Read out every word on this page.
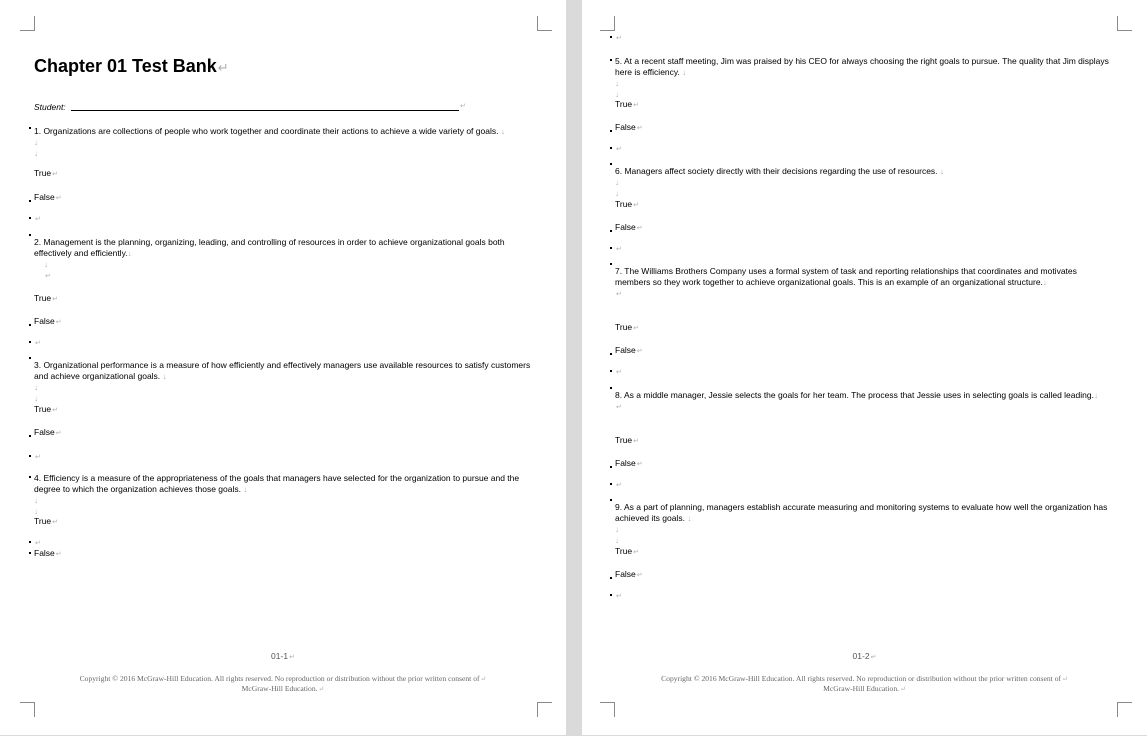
Chapter 01 Test Bank↵
Student:	↵
1. Organizations are collections of people who work together and coordinate their actions to achieve a wide variety of goals. ↓
↓
↓
True↵
False↵
↵
2. Management is the planning, organizing, leading, and controlling of resources in order to achieve organizational goals both effectively and efficiently.↓
↓
↵
True↵
False↵
↵
3. Organizational performance is a measure of how efficiently and effectively managers use available resources to satisfy customers and achieve organizational goals. ↓
↓
↓
True↵
False↵
↵
4. Efficiency is a measure of the appropriateness of the goals that managers have selected for the organization to pursue and the degree to which the organization achieves those goals. ↓
↓
↓
True↵
↵
False↵
01-1↵
Copyright © 2016 McGraw-Hill Education. All rights reserved. No reproduction or distribution without the prior written consent of↵
McGraw-Hill Education.↵
↵
5. At a recent staff meeting, Jim was praised by his CEO for always choosing the right goals to pursue. The quality that Jim displays here is efficiency. ↓
↓
↓
True↵
False↵
↵
6. Managers affect society directly with their decisions regarding the use of resources. ↓
↓
↓
True↵
False↵
↵
7. The Williams Brothers Company uses a formal system of task and reporting relationships that coordinates and motivates members so they work together to achieve organizational goals. This is an example of an organizational structure.↓
↵
True↵
False↵
↵
8. As a middle manager, Jessie selects the goals for her team. The process that Jessie uses in selecting goals is called leading.↓
↵
True↵
False↵
↵
9. As a part of planning, managers establish accurate measuring and monitoring systems to evaluate how well the organization has achieved its goals. ↓
↓
↓
True↵
False↵
↵
01-2↵
Copyright © 2016 McGraw-Hill Education. All rights reserved. No reproduction or distribution without the prior written consent of↵
McGraw-Hill Education.↵
